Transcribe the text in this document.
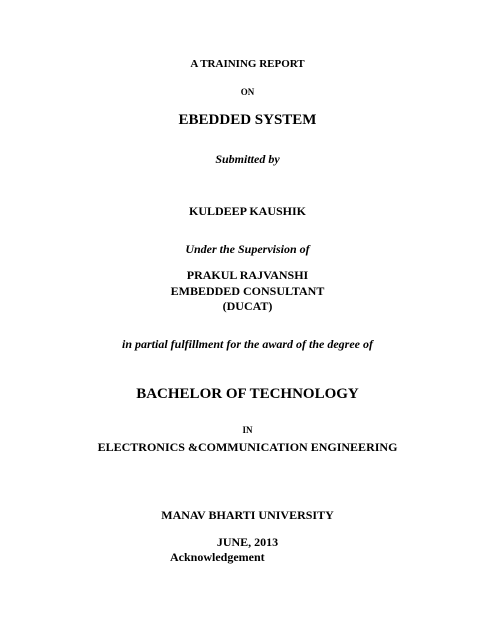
A TRAINING REPORT
ON
EBEDDED SYSTEM
Submitted by
KULDEEP KAUSHIK
Under the Supervision of
PRAKUL RAJVANSHI
EMBEDDED CONSULTANT
(DUCAT)
in partial fulfillment for the award of the degree of
BACHELOR OF TECHNOLOGY
IN
ELECTRONICS &COMMUNICATION ENGINEERING
MANAV BHARTI UNIVERSITY
JUNE, 2013
Acknowledgement
